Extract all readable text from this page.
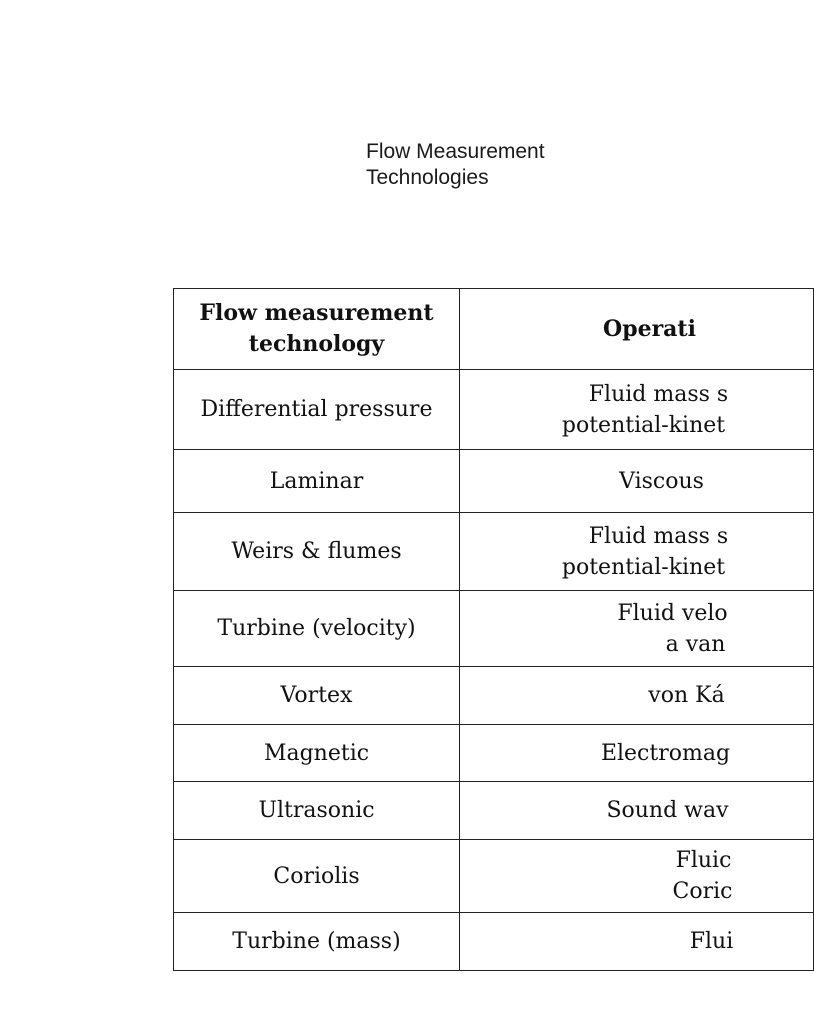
Flow Measurement
Technologies
Flow measurement
technology	Operati

Differential pressure	Fluid mass s
potential-kinet

Laminar	Viscous

Weirs & flumes	Fluid mass s
potential-kinet

Turbine (velocity)	Fluid velo
a van

Vortex	von Ká

Magnetic	Electromag

Ultrasonic	Sound wav

Coriolis	Fluic
Coric

Turbine (mass)	Flui
